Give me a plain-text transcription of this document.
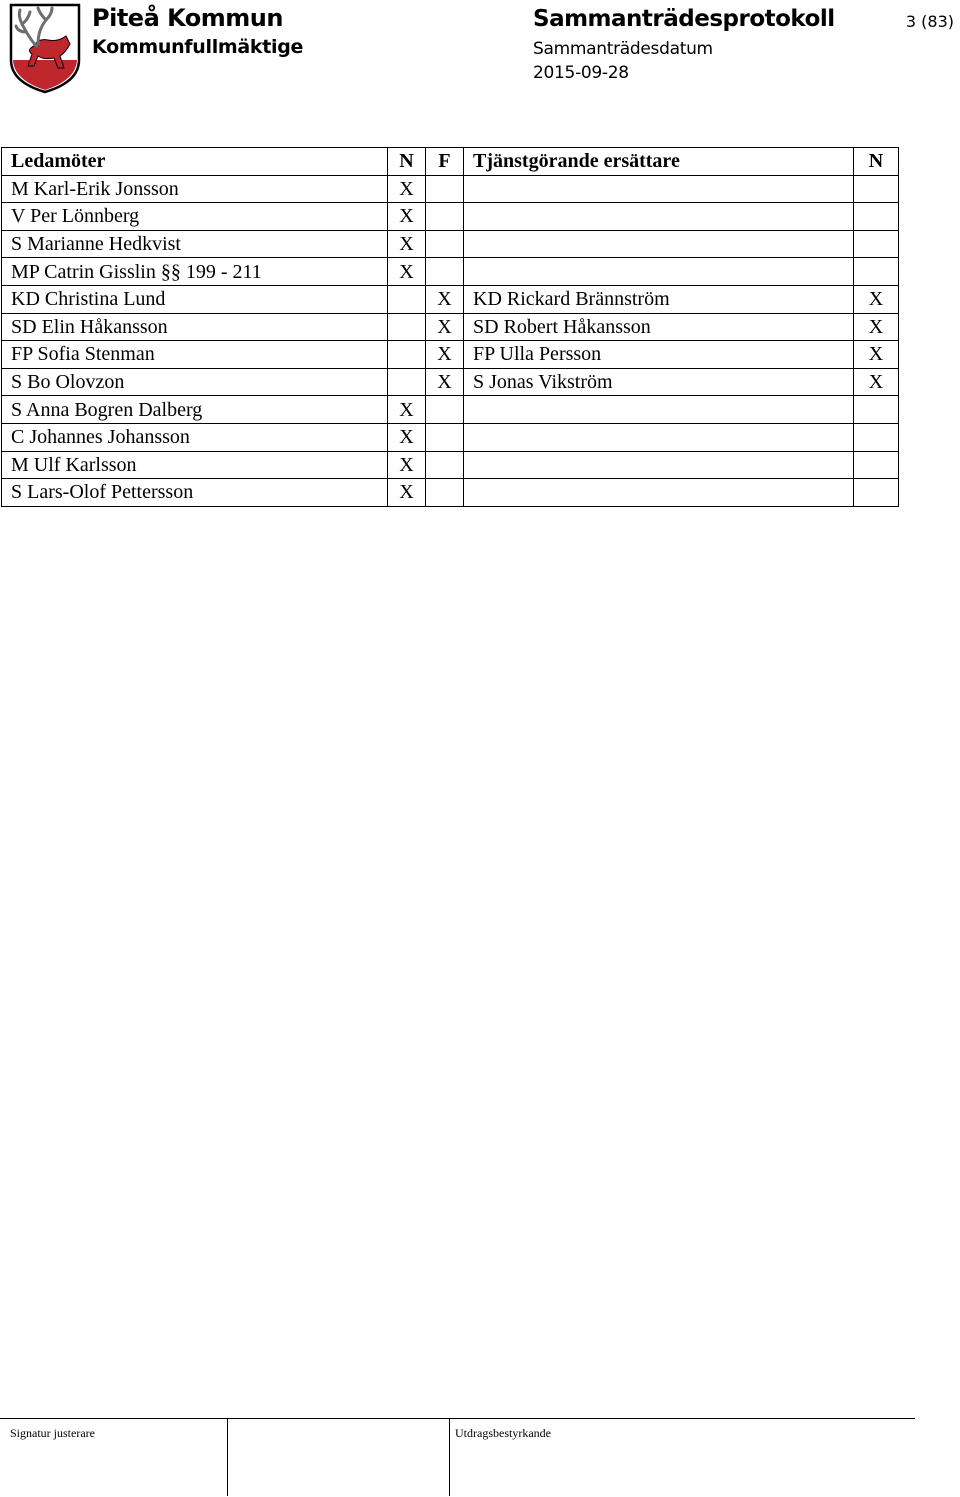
Piteå Kommun
Kommunfullmäktige
Sammanträdesprotokoll
Sammanträdesdatum
2015-09-28
3 (83)
Ledamöter	N	F	Tjänstgörande ersättare	N
M Karl-Erik Jonsson	X			
V Per Lönnberg	X			
S Marianne Hedkvist	X			
MP Catrin Gisslin §§ 199 - 211	X			
KD Christina Lund		X	KD Rickard Brännström	X
SD Elin Håkansson		X	SD Robert Håkansson	X
FP Sofia Stenman		X	FP Ulla Persson	X
S Bo Olovzon		X	S Jonas Vikström	X
S Anna Bogren Dalberg	X			
C Johannes Johansson	X			
M Ulf Karlsson	X			
S Lars-Olof Pettersson	X			
Signatur justerare	Utdragsbestyrkande
